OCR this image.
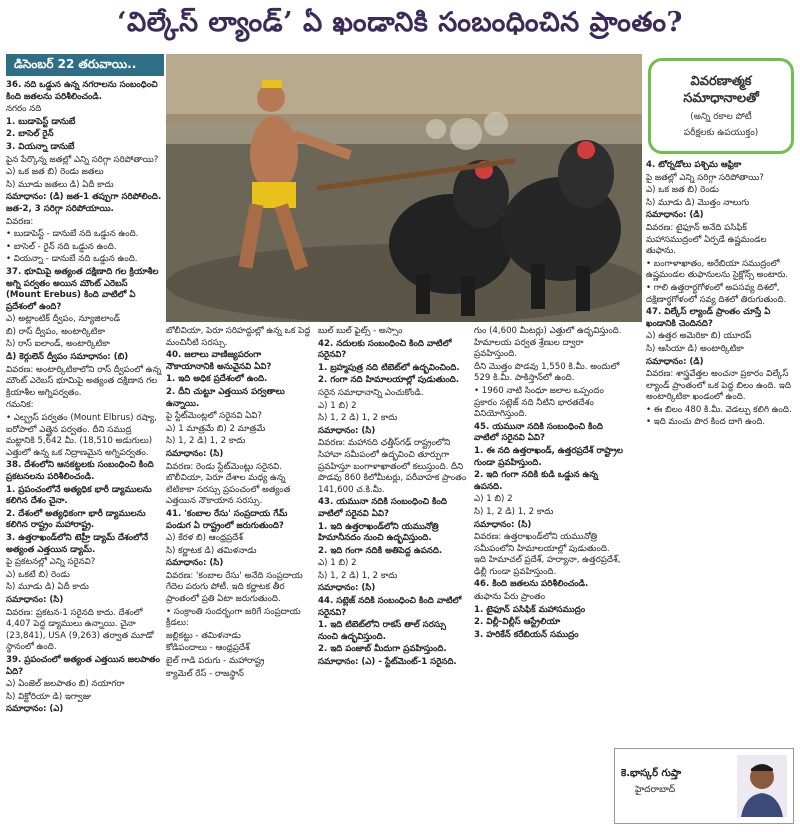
‘విల్కేస్ ల్యాండ్’ ఏ ఖండానికి సంబంధించిన ప్రాంతం?
డిసెంబర్ 22 తరువాయి..
వివరణాత్మక
సమాధానాలతో
(అన్ని రకాల పోటీ
పరీక్షలకు ఉపయుక్తం)

36. నది ఒడ్డున ఉన్న నగరాలను సంబంధించి కింది జతలను పరిశీలించండి.

నగరం నది

1. బుడాపెస్ట్ డానుబే

2. బాసెల్ రైన్

3. వియన్నా డానుబే

పైన పేర్కొన్న జతల్లో ఎన్ని సరిగ్గా సరిపోతాయి?

ఎ) ఒక జత బి) రెండు జతలు

సి) మూడు జతలు డి) ఏదీ కాదు

సమాధానం: (డి) జత-1 తప్పుగా సరిపోలింది. జత-2, 3 సరిగ్గా సరిపోయాయి.

వివరణ:

• బుడాపెస్ట్ - డానుబే నది ఒడ్డున ఉంది.

• బాసెల్ - రైన్ నది ఒడ్డున ఉంది.

• వియన్నా - డానుబే నది ఒడ్డున ఉంది.

37. భూమిపై అత్యంత దక్షిణాది గల క్రియాశీల అగ్ని పర్వతం అయిన మౌంట్ ఎరెబస్ (Mount Erebus) కింది వాటిలో ఏ ప్రదేశంలో ఉంది?

ఎ) అట్లాంటిక్ ద్వీపం, న్యూజిలాండ్

బి) రాస్ ద్వీపం, అంటార్కిటికా

సి) రాస్ ఐలాండ్, అంటార్కిటికా

డి) కెర్గులెన్ ద్వీపం సమాధానం: (బి)

వివరణ: అంటార్కిటికాలోని రాస్ ద్వీపంలో ఉన్న మౌంట్ ఎరెబస్ భూమిపై అత్యంత దక్షిణాన గల క్రియాశీల అగ్నిపర్వతం.

గమనిక:

• ఎల్బ్రస్ పర్వతం (Mount Elbrus) రష్యా, ఐరోపాలో ఎత్తైన పర్వతం. దీని సముద్ర మట్టానికి 5,642 మీ. (18,510 అడుగులు) ఎత్తులో ఉన్న ఒక నిద్రాణమైన అగ్నిపర్వతం.

38. దేశంలోని ఆనకట్టలకు సంబంధించి కింది ప్రకటనలను పరిశీలించండి.

1. ప్రపంచంలోనే అత్యధిక భారీ డ్యాములను కలిగిన దేశం చైనా.

2. దేశంలో అత్యధికంగా భారీ డ్యాములను కలిగిన రాష్ట్రం మహారాష్ట్ర.

3. ఉత్తరాఖండ్‌లోని టెహ్రీ డ్యామ్ దేశంలోనే అత్యంత ఎత్తయిన డ్యామ్.

పై ప్రకటనల్లో ఎన్ని సరైనవి?

ఎ) ఒకటే బి) రెండు

సి) మూడు డి) ఏదీ కాదు

సమాధానం: (సి)

వివరణ: ప్రకటన-1 సరైనది కాదు. దేశంలో 4,407 పెద్ద డ్యాములు ఉన్నాయి. చైనా (23,841), USA (9,263) తర్వాత మూడో స్థానంలో ఉంది.

39. ప్రపంచంలో అత్యంత ఎత్తయిన జలపాతం ఏది?

ఎ) ఏంజెల్ జలపాతం బి) నయాగరా

సి) విక్టోరియా డి) ఇగ్వాజు

సమాధానం: (ఎ)

బోలీవియా, పెరూ సరిహద్దుల్లో ఉన్న ఒక పెద్ద మంచినీటి సరస్సు.

40. జలాలు వాణిజ్యపరంగా నౌకాయానానికి అనువైనవి ఏవి?

1. ఇది అధిక ప్రదేశంలో ఉంది.

2. దీని చుట్టూ ఎత్తయిన పర్వతాలు ఉన్నాయి.

పై స్టేట్‌మెంట్లలో సరైనవి ఏవి?

ఎ) 1 మాత్రమే బి) 2 మాత్రమే

సి) 1, 2 డి) 1, 2 కాదు

సమాధానం: (సి)

వివరణ: రెండు స్టేట్‌మెంట్లు సరైనవి. బొలీవియా, పెరూ దేశాల మధ్య ఉన్న టిటికాకా సరస్సు ప్రపంచంలో అత్యంత ఎత్తయిన నౌకాయాన సరస్సు.

41. 'కంబాల రేసు' సంప్రదాయ గేమ్ పండుగ ఏ రాష్ట్రంలో జరుగుతుంది?

ఎ) కేరళ బి) ఆంధ్రప్రదేశ్

సి) కర్ణాటక డి) తమిళనాడు

సమాధానం: (సి)

వివరణ: 'కంబాల రేసు' అనేది సంప్రదాయ గేదెల పరుగు పోటీ. ఇది కర్ణాటక తీర ప్రాంతంలో ప్రతి ఏటా జరుగుతుంది.

• సంక్రాంతి సందర్భంగా జరిగే సంప్రదాయ క్రీడలు:

జల్లికట్టు - తమిళనాడు

కోడిపందాలు - ఆంధ్రప్రదేశ్

బైల్ గాడి పరుగు - మహారాష్ట్ర

క్యామెల్ రేస్ - రాజస్థాన్

బుల్ బుల్ ఫైట్స్ - అస్సాం

42. నదులకు సంబంధించి కింది వాటిలో సరైనవి?

1. బ్రహ్మపుత్ర నది టిబెట్‌లో ఉద్భవించింది.

2. గంగా నది హిమాలయాల్లో పుడుతుంది.

సరైన సమాధానాన్ని ఎంచుకోండి.

ఎ) 1 బి) 2

సి) 1, 2 డి) 1, 2 కాదు

సమాధానం: (సి)

వివరణ: మహానది ఛత్తీస్‌గఢ్ రాష్ట్రంలోని సిహావా సమీపంలో ఉద్భవించి తూర్పుగా ప్రవహిస్తూ బంగాళాఖాతంలో కలుస్తుంది. దీని పొడవు 860 కిలోమీటర్లు, పరీవాహక ప్రాంతం 141,600 చ.కి.మీ.

43. యమునా నదికి సంబంధించి కింది వాటిలో సరైనవి ఏవి?

1. ఇది ఉత్తరాఖండ్‌లోని యమునోత్రి హిమానీనదం నుంచి ఉద్భవిస్తుంది.

2. ఇది గంగా నదికి అతిపెద్ద ఉపనది.

ఎ) 1 బి) 2

సి) 1, 2 డి) 1, 2 కాదు

సమాధానం: (సి)

44. సట్లెజ్ నదికి సంబంధించి కింది వాటిలో సరైనవి?

1. ఇది టిబెట్‌లోని రాకస్ తాల్ సరస్సు నుంచి ఉద్భవిస్తుంది.

2. ఇది పంజాబ్ మీదుగా ప్రవహిస్తుంది.

సమాధానం: (ఎ) - స్టేట్‌మెంట్-1 సరైనది.

గుం (4,600 మీటర్లు) ఎత్తులో ఉద్భవిస్తుంది. హిమాలయ పర్వత శ్రేణుల ద్వారా ప్రవహిస్తుంది.

దీని మొత్తం పొడవు 1,550 కి.మీ. అందులో 529 కి.మీ. పాకిస్తాన్‌లో ఉంది.

• 1960 నాటి సింధూ జలాల ఒప్పందం ప్రకారం సట్లెజ్ నది నీటిని భారతదేశం వినియోగిస్తుంది.

45. యమునా నదికి సంబంధించి కింది వాటిలో సరైనవి ఏవి?

1. ఈ నది ఉత్తరాఖండ్, ఉత్తరప్రదేశ్ రాష్ట్రాల గుండా ప్రవహిస్తుంది.

2. ఇది గంగా నదికి కుడి ఒడ్డున ఉన్న ఉపనది.

ఎ) 1 బి) 2

సి) 1, 2 డి) 1, 2 కాదు

సమాధానం: (సి)

వివరణ: ఉత్తరాఖండ్‌లోని యమునోత్రి సమీపంలోని హిమాలయాల్లో పుడుతుంది. ఇది హిమాచల్ ప్రదేశ్, హర్యానా, ఉత్తరప్రదేశ్, ఢిల్లీ గుండా ప్రవహిస్తుంది.

46. కింది జతలను పరిశీలించండి.

తుఫాను పేరు ప్రాంతం

1. టైఫూన్ పసిఫిక్ మహాసముద్రం

2. విల్లీ-విల్లీస్ ఆస్ట్రేలియా

3. హరికేన్ కరేబియన్ సముద్రం

4. టోర్నడోలు పశ్చిమ ఆఫ్రికా

పై జతల్లో ఎన్ని సరిగ్గా సరిపోతాయి?

ఎ) ఒక జత బి) రెండు

సి) మూడు డి) మొత్తం నాలుగు

సమాధానం: (డి)

వివరణ: టైఫూన్ అనేది పసిఫిక్ మహాసముద్రంలో ఏర్పడే ఉష్ణమండల తుఫాను.

• బంగాళాఖాతం, అరేబియా సముద్రంలో ఉష్ణమండల తుఫానులను సైక్లోన్స్ అంటారు.

• గాలి ఉత్తరార్ధగోళంలో అపసవ్య దిశలో, దక్షిణార్ధగోళంలో సవ్య దిశలో తిరుగుతుంది.

47. విల్కేస్ ల్యాండ్ ప్రాంతం చూస్తే ఏ ఖండానికి చెందినది?

ఎ) ఉత్తర అమెరికా బి) యూరప్

సి) ఆసియా డి) అంటార్కిటికా

సమాధానం: (డి)

వివరణ: శాస్త్రవేత్తల అంచనా ప్రకారం విల్కేస్ ల్యాండ్ ప్రాంతంలో ఒక పెద్ద బిలం ఉంది. ఇది అంటార్కిటికా ఖండంలో ఉంది.

• ఈ బిలం 480 కి.మీ. వెడల్పు కలిగి ఉంది.

• ఇది మంచు పొర కింద దాగి ఉంది.

కె.భాస్కర్ గుప్తా
హైదరాబాద్
